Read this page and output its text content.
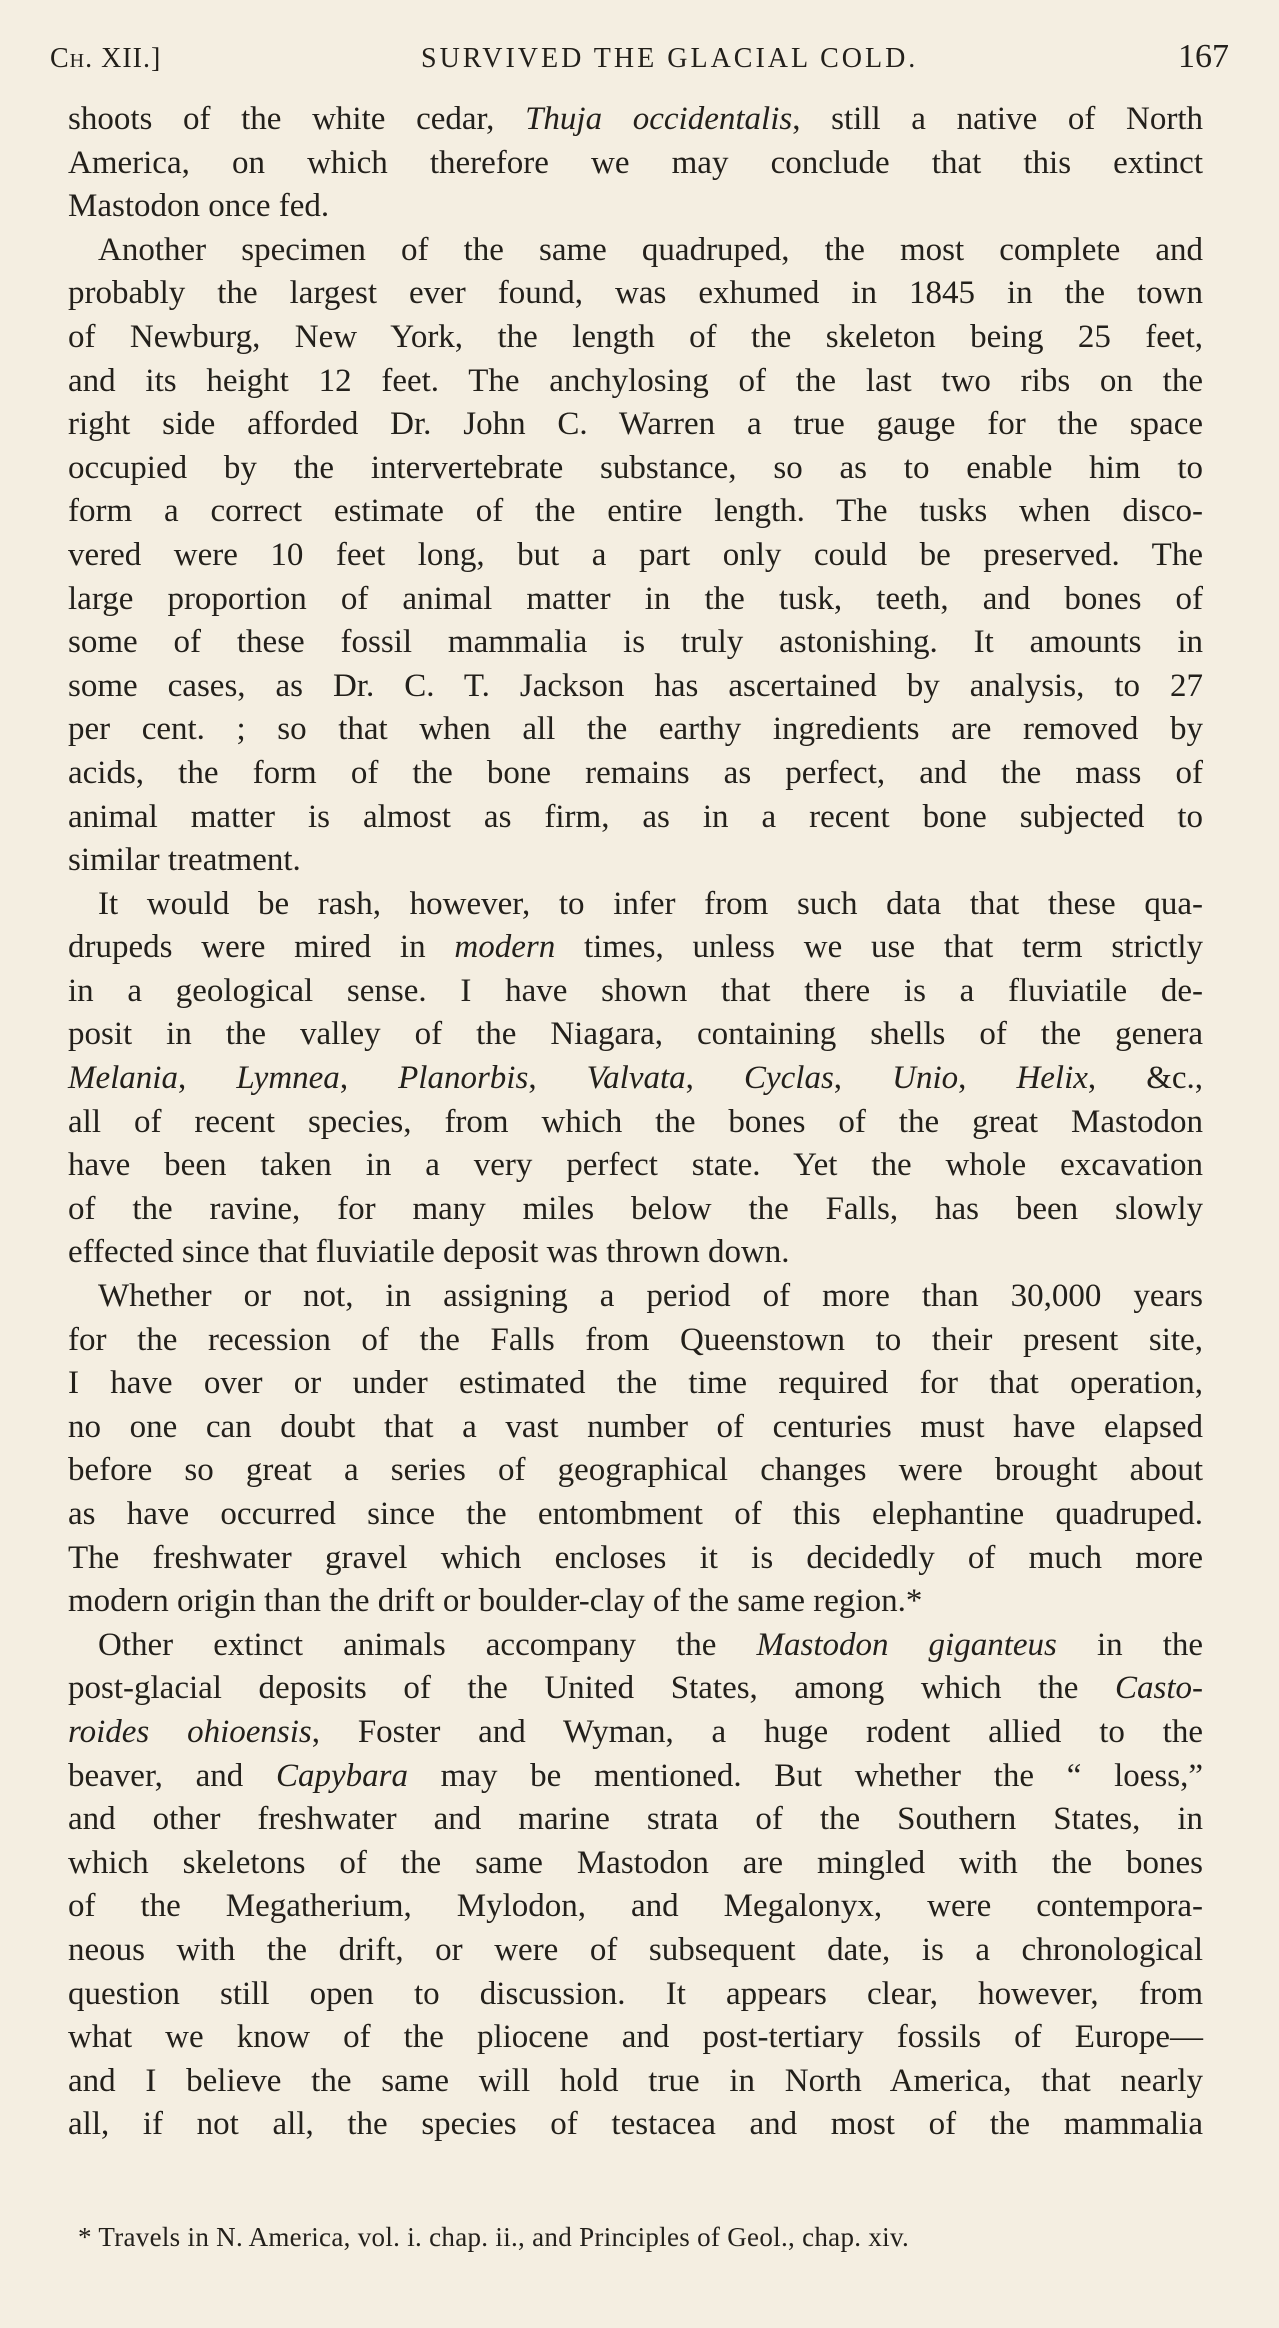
Ch. XII.]	SURVIVED THE GLACIAL COLD.	167
shoots of the white cedar, Thuja occidentalis, still a native of North
America, on which therefore we may conclude that this extinct
Mastodon once fed.
Another specimen of the same quadruped, the most complete and
probably the largest ever found, was exhumed in 1845 in the town
of Newburg, New York, the length of the skeleton being 25 feet,
and its height 12 feet. The anchylosing of the last two ribs on the
right side afforded Dr. John C. Warren a true gauge for the space
occupied by the intervertebrate substance, so as to enable him to
form a correct estimate of the entire length. The tusks when disco-
vered were 10 feet long, but a part only could be preserved. The
large proportion of animal matter in the tusk, teeth, and bones of
some of these fossil mammalia is truly astonishing. It amounts in
some cases, as Dr. C. T. Jackson has ascertained by analysis, to 27
per cent. ; so that when all the earthy ingredients are removed by
acids, the form of the bone remains as perfect, and the mass of
animal matter is almost as firm, as in a recent bone subjected to
similar treatment.
It would be rash, however, to infer from such data that these qua-
drupeds were mired in modern times, unless we use that term strictly
in a geological sense. I have shown that there is a fluviatile de-
posit in the valley of the Niagara, containing shells of the genera
Melania, Lymnea, Planorbis, Valvata, Cyclas, Unio, Helix, &c.,
all of recent species, from which the bones of the great Mastodon
have been taken in a very perfect state. Yet the whole excavation
of the ravine, for many miles below the Falls, has been slowly
effected since that fluviatile deposit was thrown down.
Whether or not, in assigning a period of more than 30,000 years
for the recession of the Falls from Queenstown to their present site,
I have over or under estimated the time required for that operation,
no one can doubt that a vast number of centuries must have elapsed
before so great a series of geographical changes were brought about
as have occurred since the entombment of this elephantine quadruped.
The freshwater gravel which encloses it is decidedly of much more
modern origin than the drift or boulder-clay of the same region.*
Other extinct animals accompany the Mastodon giganteus in the
post-glacial deposits of the United States, among which the Casto-
roides ohioensis, Foster and Wyman, a huge rodent allied to the
beaver, and Capybara may be mentioned. But whether the “ loess,”
and other freshwater and marine strata of the Southern States, in
which skeletons of the same Mastodon are mingled with the bones
of the Megatherium, Mylodon, and Megalonyx, were contempora-
neous with the drift, or were of subsequent date, is a chronological
question still open to discussion. It appears clear, however, from
what we know of the pliocene and post-tertiary fossils of Europe—
and I believe the same will hold true in North America, that nearly
all, if not all, the species of testacea and most of the mammalia
* Travels in N. America, vol. i. chap. ii., and Principles of Geol., chap. xiv.
